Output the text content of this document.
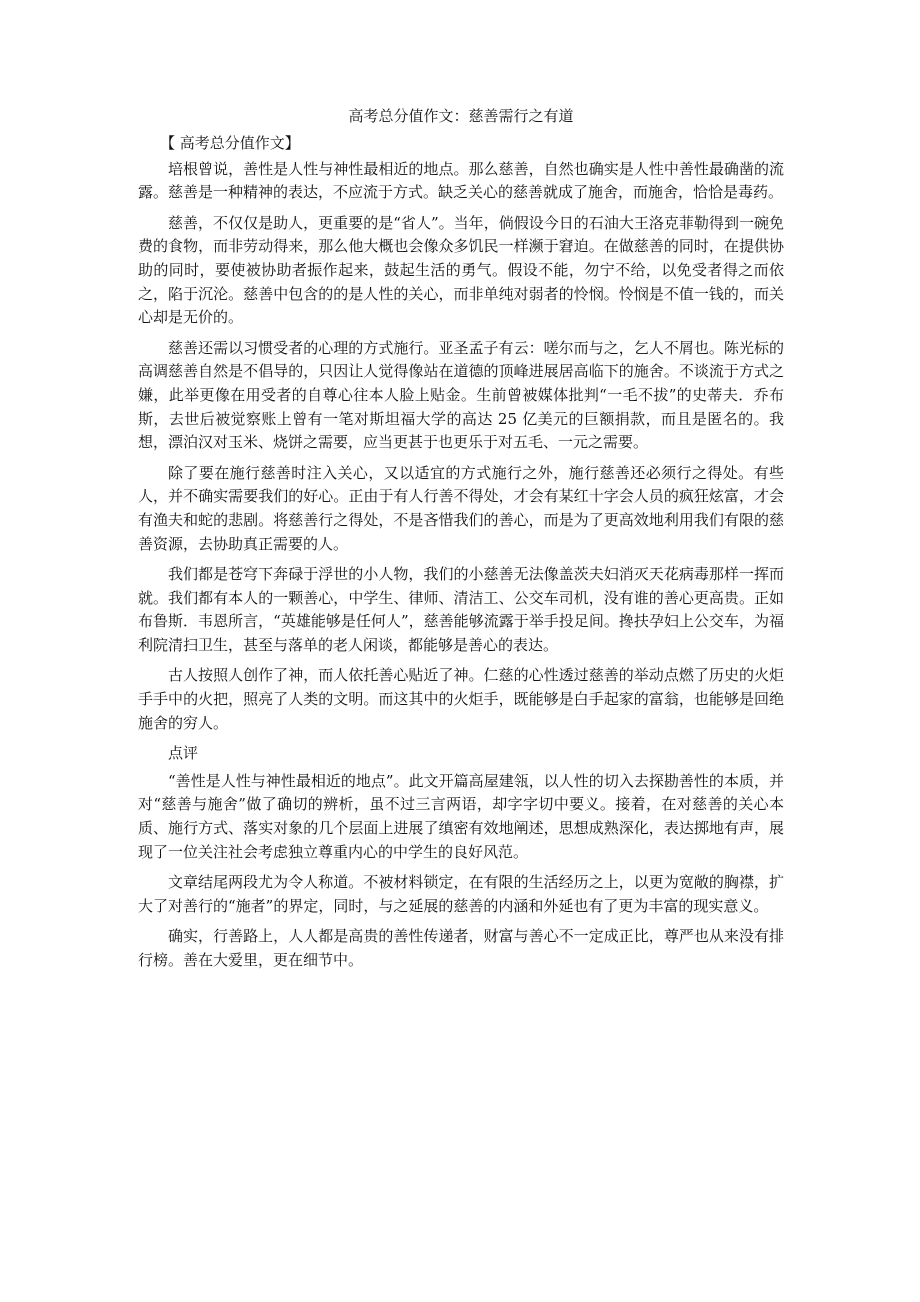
高考总分值作文：慈善需行之有道
【 高考总分值作文】

培根曾说，善性是人性与神性最相近的地点。那么慈善，自然也确实是人性中善性最确凿的流露。慈善是一种精神的表达，不应流于方式。缺乏关心的慈善就成了施舍，而施舍，恰恰是毒药。

慈善，不仅仅是助人，更重要的是“省人”。当年，倘假设今日的石油大王洛克菲勒得到一碗免费的食物，而非劳动得来，那么他大概也会像众多饥民一样濒于窘迫。在做慈善的同时，在提供协助的同时，要使被协助者振作起来，鼓起生活的勇气。假设不能，勿宁不给，以免受者得之而依之，陷于沉沦。慈善中包含的的是人性的关心，而非单纯对弱者的怜悯。怜悯是不值一钱的，而关心却是无价的。

慈善还需以习惯受者的心理的方式施行。亚圣孟子有云：嗟尔而与之，乞人不屑也。陈光标的高调慈善自然是不倡导的，只因让人觉得像站在道德的顶峰进展居高临下的施舍。不谈流于方式之嫌，此举更像在用受者的自尊心往本人脸上贴金。生前曾被媒体批判“一毛不拔”的史蒂夫．乔布斯，去世后被觉察账上曾有一笔对斯坦福大学的高达 25 亿美元的巨额捐款，而且是匿名的。我想，漂泊汉对玉米、烧饼之需要，应当更甚于也更乐于对五毛、一元之需要。

除了要在施行慈善时注入关心，又以适宜的方式施行之外，施行慈善还必须行之得处。有些人，并不确实需要我们的好心。正由于有人行善不得处，才会有某红十字会人员的疯狂炫富，才会有渔夫和蛇的悲剧。将慈善行之得处，不是吝惜我们的善心，而是为了更高效地利用我们有限的慈善资源，去协助真正需要的人。

我们都是苍穹下奔碌于浮世的小人物，我们的小慈善无法像盖茨夫妇消灭天花病毒那样一挥而就。我们都有本人的一颗善心，中学生、律师、清洁工、公交车司机，没有谁的善心更高贵。正如布鲁斯．韦恩所言，“英雄能够是任何人”，慈善能够流露于举手投足间。搀扶孕妇上公交车，为福利院清扫卫生，甚至与落单的老人闲谈，都能够是善心的表达。

古人按照人创作了神，而人依托善心贴近了神。仁慈的心性透过慈善的举动点燃了历史的火炬手手中的火把，照亮了人类的文明。而这其中的火炬手，既能够是白手起家的富翁，也能够是回绝施舍的穷人。

点评

“善性是人性与神性最相近的地点”。此文开篇高屋建瓴，以人性的切入去探勘善性的本质，并对“慈善与施舍”做了确切的辨析，虽不过三言两语，却字字切中要义。接着，在对慈善的关心本质、施行方式、落实对象的几个层面上进展了缜密有效地阐述，思想成熟深化，表达掷地有声，展现了一位关注社会考虑独立尊重内心的中学生的良好风范。

文章结尾两段尤为令人称道。不被材料锁定，在有限的生活经历之上，以更为宽敞的胸襟，扩大了对善行的“施者”的界定，同时，与之延展的慈善的内涵和外延也有了更为丰富的现实意义。

确实，行善路上，人人都是高贵的善性传递者，财富与善心不一定成正比，尊严也从来没有排行榜。善在大爱里，更在细节中。
